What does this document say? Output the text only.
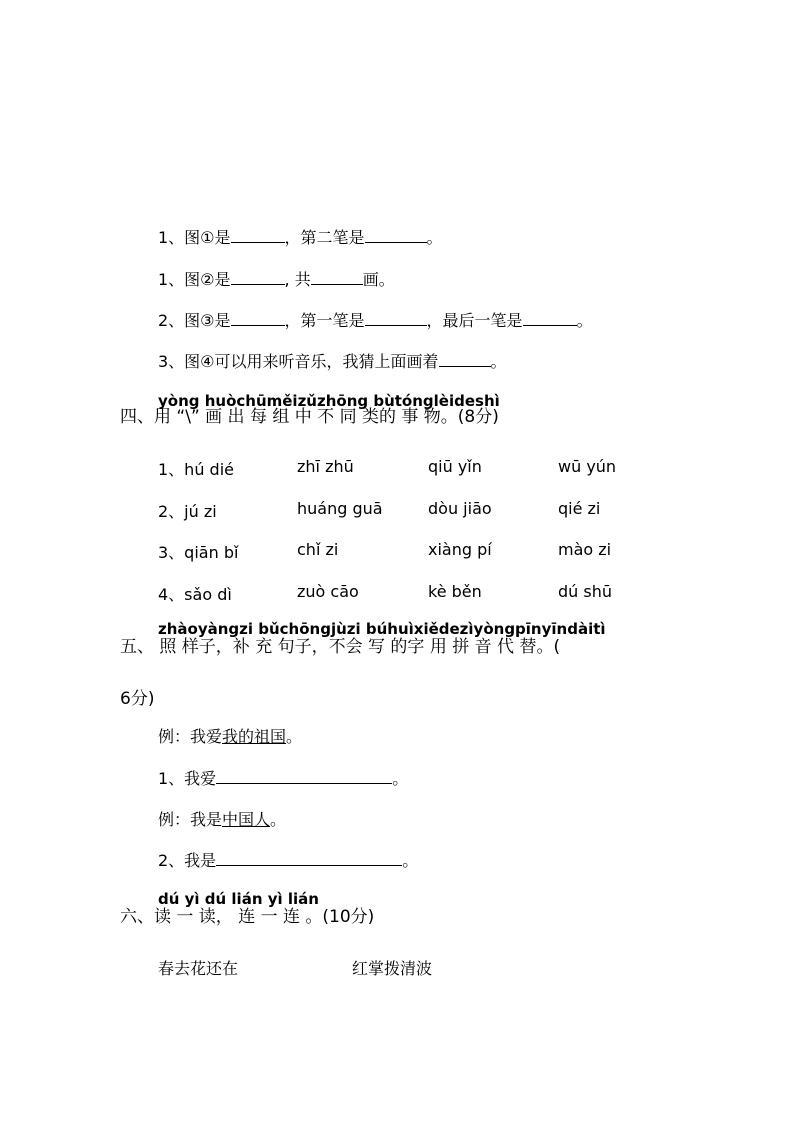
1、图①是	，第二笔是	。
1、图②是	, 共	画。
2、图③是	，第一笔是	，最后一笔是	。
3、图④可以用来听音乐，我猜上面画着	。
yòng huòchūměizǔzhōng bùtónglèideshì
四、用 “\” 画 出 每 组 中 不 同 类的 事 物。(8分)
1、hú dié	zhī zhū	qiū yǐn	wū yún
2、jú zi	huáng guā	dòu jiāo	qié zi
3、qiān bǐ	chǐ zi	xiàng pí	mào zi
4、sǎo dì	zuò cāo	kè běn	dú shū
zhàoyàngzi bǔchōngjùzi búhuìxiědezìyòngpīnyīndàitì
五、 照 样子，补 充 句子，不会 写 的字 用 拼 音 代 替。(
6分)
例：我爱我的祖国。
1、我爱	。
例：我是中国人。
2、我是	。
dú yì dú lián yì lián
六、读 一 读， 连 一 连 。(10分)
春去花还在	红掌拨清波
